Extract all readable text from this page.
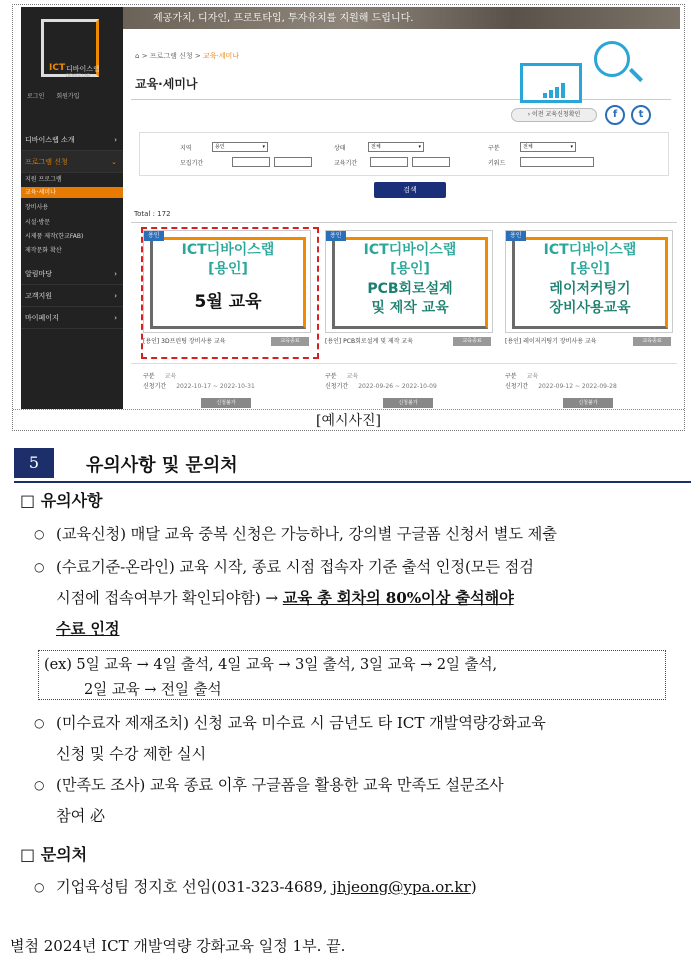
제공가치, 디자인, 프로토타입, 투자유치를 지원해 드립니다.
ICT 디바이스랩
DEVICE LAB
로그인 회원가입
디바이스랩 소개	›
프로그램 신청	⌄
지원 프로그램
교육·세미나
장비사용
시설·방문
시제품 제작(한교FAB)
제작문화 확산
알림마당	›
고객지원	›
마이페이지	›
⌂ > 프로그램 신청 > 교육·세미나
교육·세미나
› 이전 교육신청확인	f	t
지역	용인	▾	상태	전체	▾	구분	전체	▾
모집기간	교육기간	키워드
검색
Total : 172
용인
ICT디바이스랩
[용인]
5월 교육
[용인] 3D프린팅 장비사용 교육	교육종료
구분 교육
신청기간 2022-10-17 ~ 2022-10-31
신청불가
용인
ICT디바이스랩
[용인]
PCB회로설계
및 제작 교육
[용인] PCB회로설계 및 제작 교육	교육종료
구분 교육
신청기간 2022-09-26 ~ 2022-10-09
신청불가
용인
ICT디바이스랩
[용인]
레이저커팅기
장비사용교육
[용인] 레이저커팅기 장비사용 교육	교육종료
구분 교육
신청기간 2022-09-12 ~ 2022-09-28
신청불가
[예시사진]
5	유의사항 및 문의처
□ 유의사항
○ (교육신청) 매달 교육 중복 신청은 가능하나, 강의별 구글폼 신청서 별도 제출
○ (수료기준-온라인) 교육 시작, 종료 시점 접속자 기준 출석 인정(모든 점검
시점에 접속여부가 확인되야함) → 교육 총 회차의 80%이상 출석해야
수료 인정
(ex) 5일 교육 → 4일 출석, 4일 교육 → 3일 출석, 3일 교육 → 2일 출석,
2일 교육 → 전일 출석
○ (미수료자 제재조치) 신청 교육 미수료 시 금년도 타 ICT 개발역량강화교육
신청 및 수강 제한 실시
○ (만족도 조사) 교육 종료 이후 구글폼을 활용한 교육 만족도 설문조사
참여 必
□ 문의처
○ 기업육성팀 정지호 선임(031-323-4689, jhjeong@ypa.or.kr)
별첨 2024년 ICT 개발역량 강화교육 일정 1부. 끝.
